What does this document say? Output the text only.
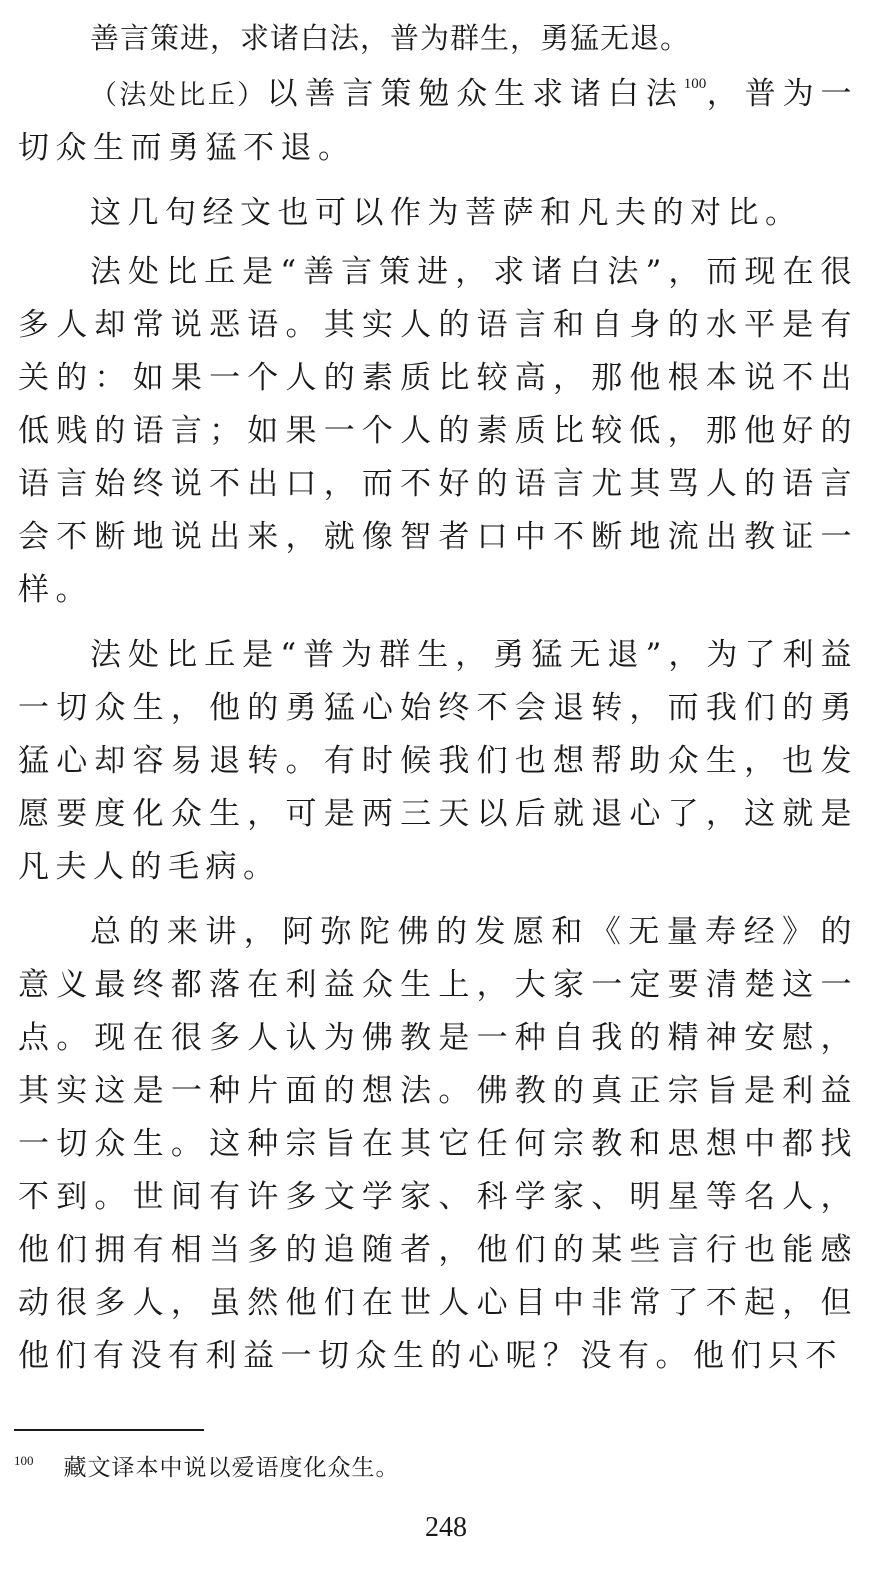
善言策进，求诸白法，普为群生，勇猛无退。

（法处比丘）以善言策勉众生求诸白法$^{100}$，普为一切众生而勇猛不退。

这几句经文也可以作为菩萨和凡夫的对比。

法处比丘是“善言策进，求诸白法”，而现在很多人却常说恶语。其实人的语言和自身的水平是有关的：如果一个人的素质比较高，那他根本说不出低贱的语言；如果一个人的素质比较低，那他好的语言始终说不出口，而不好的语言尤其骂人的语言会不断地说出来，就像智者口中不断地流出教证一样。

法处比丘是“普为群生，勇猛无退”，为了利益一切众生，他的勇猛心始终不会退转，而我们的勇猛心却容易退转。有时候我们也想帮助众生，也发愿要度化众生，可是两三天以后就退心了，这就是凡夫人的毛病。

总的来讲，阿弥陀佛的发愿和《无量寿经》的意义最终都落在利益众生上，大家一定要清楚这一点。现在很多人认为佛教是一种自我的精神安慰，其实这是一种片面的想法。佛教的真正宗旨是利益一切众生。这种宗旨在其它任何宗教和思想中都找不到。世间有许多文学家、科学家、明星等名人，他们拥有相当多的追随者，他们的某些言行也能感动很多人，虽然他们在世人心目中非常了不起，但他们有没有利益一切众生的心呢？没有。他们只不

$^{100}$ 藏文译本中说以爱语度化众生。
248
